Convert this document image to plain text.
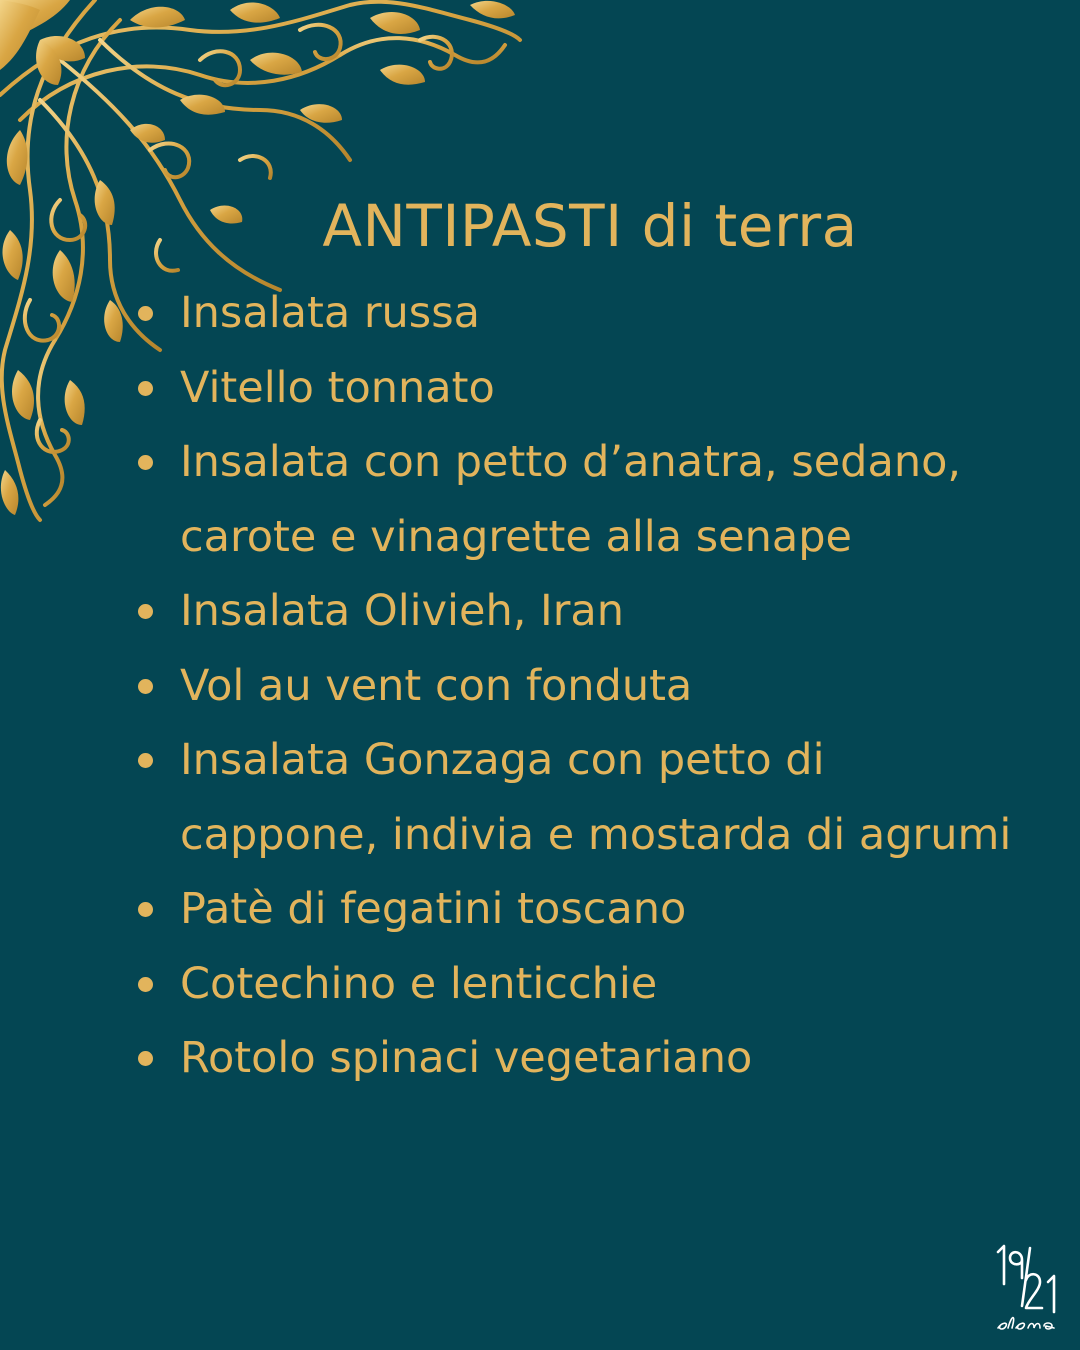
ANTIPASTI di terra
Insalata russa
Vitello tonnato
Insalata con petto d’anatra, sedano, carote e vinagrette alla senape
Insalata Olivieh, Iran
Vol au vent con fonduta
Insalata Gonzaga con petto di cappone, indivia e mostarda di agrumi
Patè di fegatini toscano
Cotechino e lenticchie
Rotolo spinaci vegetariano
